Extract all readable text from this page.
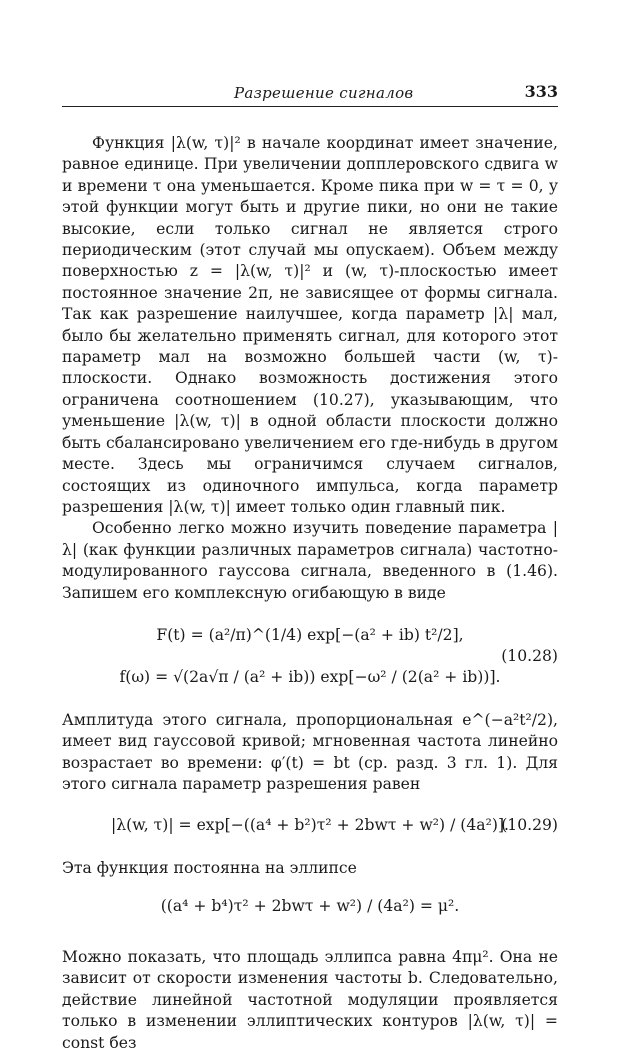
Разрешение сигналов	333

Функция |λ(w, τ)|² в начале координат имеет значение, равное единице. При увеличении допплеровского сдвига w и времени τ она уменьшается. Кроме пика при w = τ = 0, у этой функции могут быть и другие пики, но они не такие высокие, если только сигнал не является строго периодическим (этот случай мы опускаем). Объем между поверхностью z = |λ(w, τ)|² и (w, τ)-плоскостью имеет постоянное значение 2π, не зависящее от формы сигнала. Так как разрешение наилучшее, когда параметр |λ| мал, было бы желательно применять сигнал, для которого этот параметр мал на возможно большей части (w, τ)-плоскости. Однако возможность достижения этого ограничена соотношением (10.27), указывающим, что уменьшение |λ(w, τ)| в одной области плоскости должно быть сбалансировано увеличением его где-нибудь в другом месте. Здесь мы ограничимся случаем сигналов, состоящих из одиночного импульса, когда параметр разрешения |λ(w, τ)| имеет только один главный пик.

Особенно легко можно изучить поведение параметра |λ| (как функции различных параметров сигнала) частотно-модулированного гауссова сигнала, введенного в (1.46). Запишем его комплексную огибающую в виде

F(t) = (a²/π)^(1/4) exp[−(a² + ib) t²/2],
f(ω) = √(2a√π / (a² + ib)) exp[−ω² / (2(a² + ib))].
(10.28)

Амплитуда этого сигнала, пропорциональная e^(−a²t²/2), имеет вид гауссовой кривой; мгновенная частота линейно возрастает во времени: φ′(t) = bt (ср. разд. 3 гл. 1). Для этого сигнала параметр разрешения равен

|λ(w, τ)| = exp[−((a⁴ + b²)τ² + 2bwτ + w²) / (4a²)].
(10.29)

Эта функция постоянна на эллипсе

((a⁴ + b⁴)τ² + 2bwτ + w²) / (4a²) = μ².

Можно показать, что площадь эллипса равна 4πμ². Она не зависит от скорости изменения частоты b. Следовательно, действие линейной частотной модуляции проявляется только в изменении эллиптических контуров |λ(w, τ)| = const без
